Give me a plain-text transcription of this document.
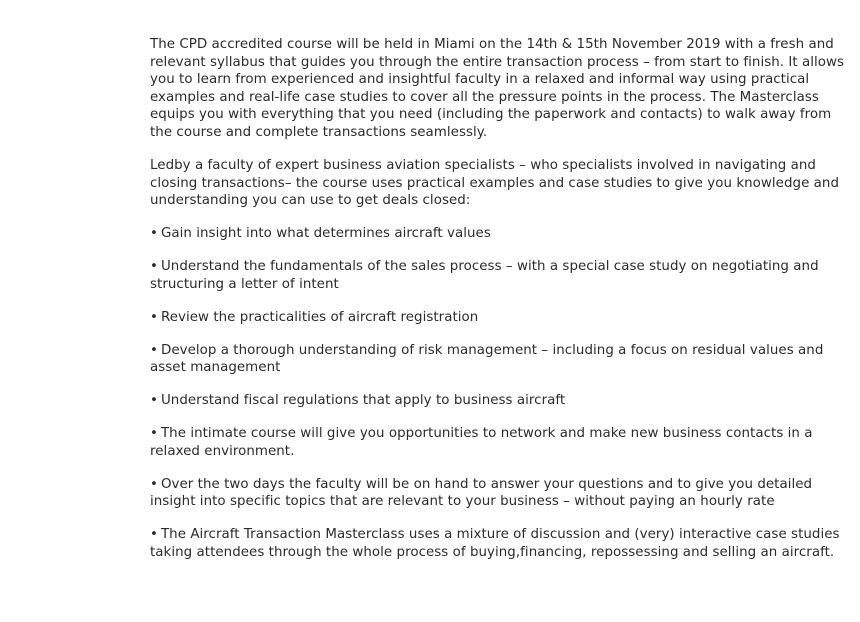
The CPD accredited course will be held in Miami on the 14th & 15th November 2019 with a fresh and relevant syllabus that guides you through the entire transaction process – from start to finish. It allows you to learn from experienced and insightful faculty in a relaxed and informal way using practical examples and real-life case studies to cover all the pressure points in the process. The Masterclass equips you with everything that you need (including the paperwork and contacts) to walk away from the course and complete transactions seamlessly.

Ledby a faculty of expert business aviation specialists – who specialists involved in navigating and closing transactions– the course uses practical examples and case studies to give you knowledge and understanding you can use to get deals closed:

• Gain insight into what determines aircraft values

• Understand the fundamentals of the sales process – with a special case study on negotiating and structuring a letter of intent

• Review the practicalities of aircraft registration

• Develop a thorough understanding of risk management – including a focus on residual values and asset management

• Understand fiscal regulations that apply to business aircraft

• The intimate course will give you opportunities to network and make new business contacts in a relaxed environment.

• Over the two days the faculty will be on hand to answer your questions and to give you detailed insight into specific topics that are relevant to your business – without paying an hourly rate

• The Aircraft Transaction Masterclass uses a mixture of discussion and (very) interactive case studies taking attendees through the whole process of buying,financing, repossessing and selling an aircraft.
